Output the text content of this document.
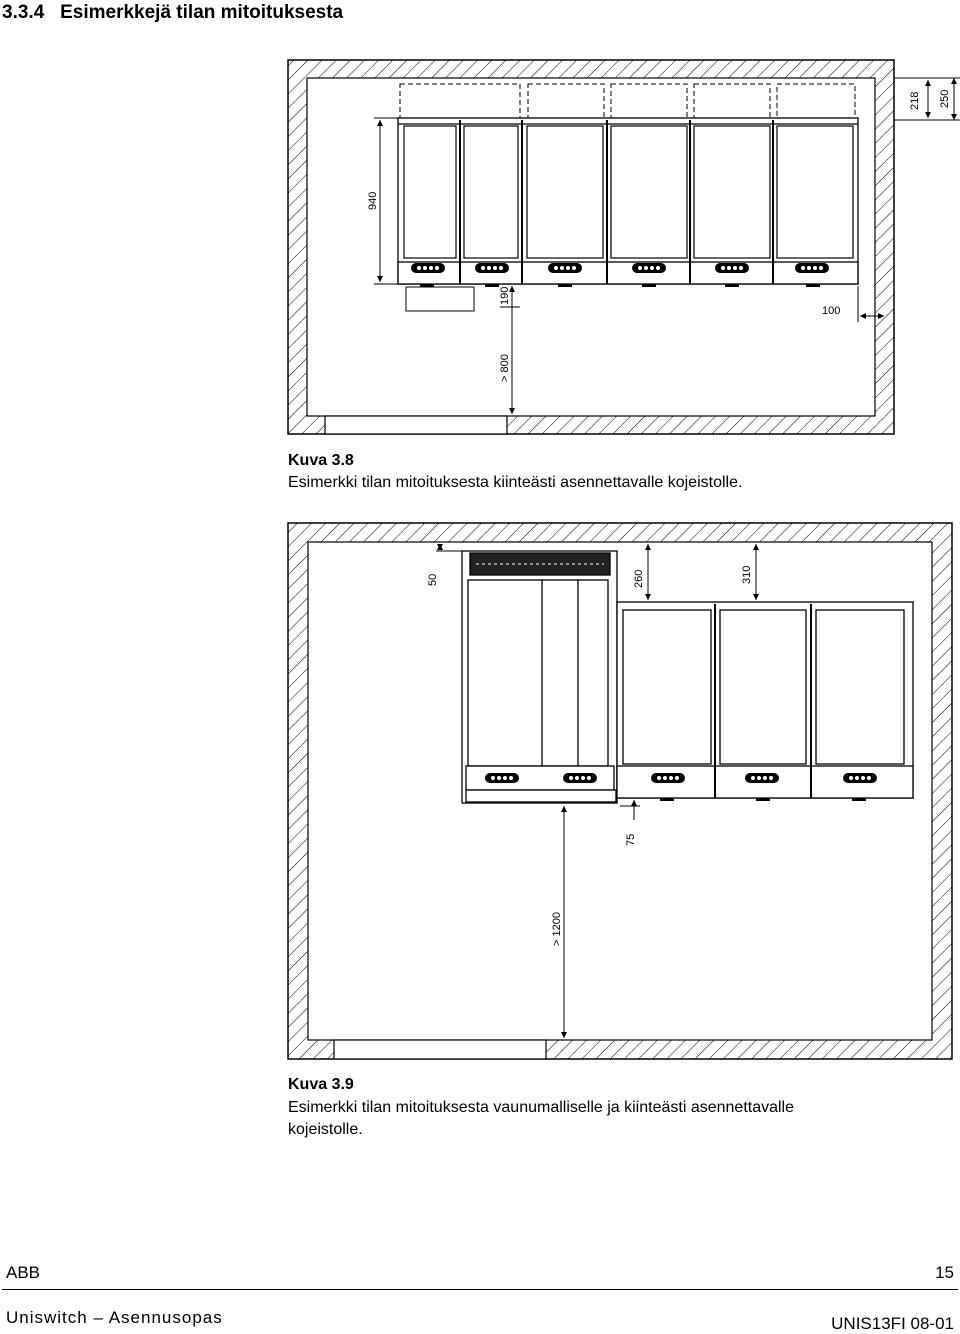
3.3.4 Esimerkkejä tilan mitoituksesta
940
190
> 800
100
218 250
Kuva 3.8
Esimerkki tilan mitoituksesta kiinteästi asennettavalle kojeistolle.
50	260	310
75
> 1200
Kuva 3.9
Esimerkki tilan mitoituksesta vaunumalliselle ja kiinteästi asennettavalle
kojeistolle.
ABB	15
Uniswitch – Asennusopas	UNIS13FI 08-01
